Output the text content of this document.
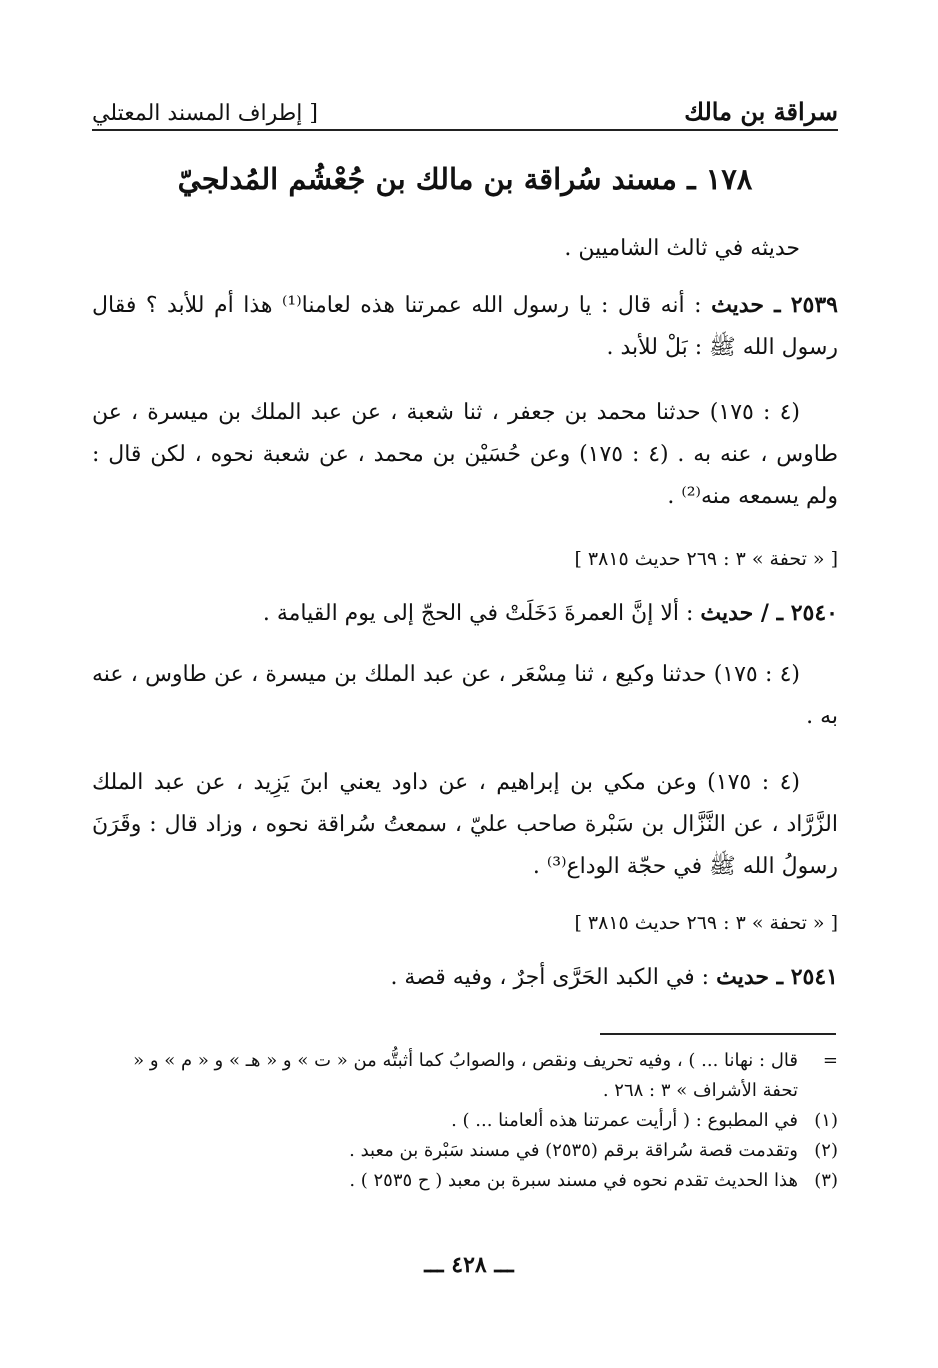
سراقة بن مالك
[ إطراف المسند المعتلي
١٧٨ ـ مسند سُراقة بن مالك بن جُعْشُم المُدلجيّ
حديثه في ثالث الشاميين .
٢٥٣٩ ـ حديث : أنه قال : يا رسول الله عمرتنا هذه لعامنا⁽¹⁾ هذا أم للأبد ؟ فقال رسول الله ﷺ : بَلْ للأبد .
(٤ : ١٧٥) حدثنا محمد بن جعفر ، ثنا شعبة ، عن عبد الملك بن ميسرة ، عن طاوس ، عنه به . (٤ : ١٧٥) وعن حُسَيْن بن محمد ، عن شعبة نحوه ، لكن قال : ولم يسمعه منه⁽²⁾ .
[ « تحفة » ٣ : ٢٦٩ حديث ٣٨١٥ ]
٢٥٤٠ ـ / حديث : ألا إنَّ العمرةَ دَخَلَتْ في الحجّ إلى يوم القيامة .
(٤ : ١٧٥) حدثنا وكيع ، ثنا مِسْعَر ، عن عبد الملك بن ميسرة ، عن طاوس ، عنه به .
(٤ : ١٧٥) وعن مكي بن إبراهيم ، عن داود يعني ابنَ يَزِيد ، عن عبد الملك الزَّرَّاد ، عن النَّزَّال بن سَبْرة صاحب عليّ ، سمعتُ سُراقة نحوه ، وزاد قال : وقَرَنَ رسولُ الله ﷺ في حجّة الوداع⁽³⁾ .
[ « تحفة » ٣ : ٢٦٩ حديث ٣٨١٥ ]
٢٥٤١ ـ حديث : في الكبد الحَرَّى أجرٌ ، وفيه قصة .
=
قال : نهانا ... ) ، وفيه تحريف ونقص ، والصوابُ كما أثبتُّه من « ت » و « هـ » و « م » و « تحفة الأشراف » ٣ : ٢٦٨ .
(١)
في المطبوع : ( أرأيت عمرتنا هذه ألعامنا ... ) .
(٢)
وتقدمت قصة سُراقة برقم (٢٥٣٥) في مسند سَبْرة بن معبد .
(٣)
هذا الحديث تقدم نحوه في مسند سبرة بن معبد ( ح ٢٥٣٥ ) .
ـــ ٤٢٨ ـــ
